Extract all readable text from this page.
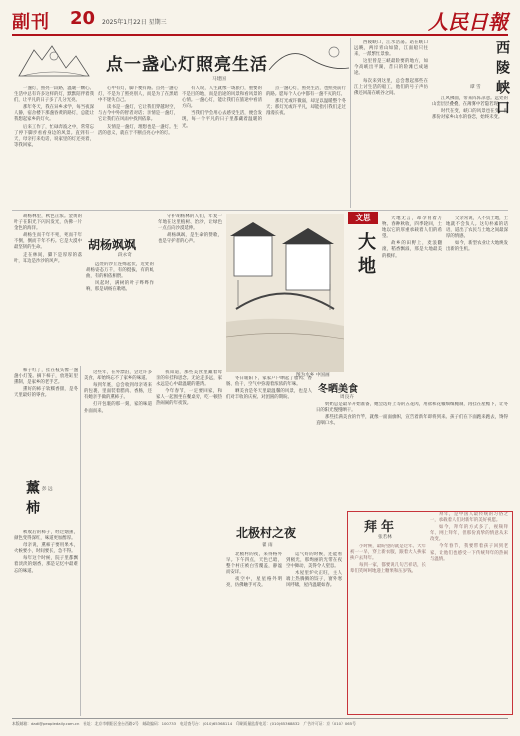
副刊 20 2025年1月22日 星期三	人民日報
点一盏心灯照亮生活
马建国

一盏灯，照亮一段路，温暖一颗心。生活中总有许多这样的灯，默默陪伴着我们，让平凡的日子多了几分光亮。

那年冬天，我在异乡求学，每当夜深人静，宿舍楼下那盏昏黄的路灯，总能让我想起家乡的灯火。

后来工作了，忙碌奔波之中，常常忘了停下脚步看看身边的风景。直到有一天，母亲打来电话，说家里的灯还亮着，等我回家。

心中有灯，脚下便有路。点亮一盏心灯，不是为了照亮别人，而是为了在黑暗中不迷失自己。

读书是一盏灯，它让我们穿越时空，与古今中外的智者对话；亲情是一盏灯，它让我们在风雨中找到依靠。

友情是一盏灯，理想也是一盏灯。生活的意义，就在于不断点亮心中的灯。

有人说，人生就像一场旅行，重要的不是目的地，而是沿途的风景和看风景的心情。一盏心灯，能让我们在旅途中看清方向。

当我们学会用心去感受生活，便会发现，每一个平凡的日子里都藏着温暖的光。

点一盏心灯，照亮生活，也照亮前行的路。愿每个人心中都有一盏不灭的灯。

那灯光或许微弱，却足以温暖整个冬天；那灯光或许平凡，却能指引我们走过漫漫长夜。

西陵峡口
谭 雪

西陵峡口，江水浩荡。站在峡口远眺，两岸青山如黛，江面船只往来，一派繁忙景象。

这里曾是三峡最险要的地方，如今高峡出平湖，昔日的险滩已成通途。

每次来到这里，总会想起那些在江上讨生活的船工，他们的号子声仿佛还回荡在峡谷之间。

江风拂面，带来阵阵凉意。远处的山峦层层叠叠，在薄雾中若隐若现。

时代在变，峡口的风景也在变，但那份对家乡山水的眷恋，始终未变。

文思
胡杨飒飒
段永奇

胡杨林里，秋色正浓。金黄的叶子在阳光下闪闪发光，仿佛一片金色的海洋。

胡杨生而千年不死，死而千年不倒，倒而千年不朽。它是大漠中最坚韧的生命。

走在林间，脚下是厚厚的落叶，耳边是沙沙的风声。

远处的沙丘连绵起伏，近处的胡杨姿态万千，有的挺拔，有的虬曲，有的相依相偎。

风起时，满树的叶子哗哗作响，那是胡杨在歌唱。

守护胡杨林的人们，年复一年地在这里植树、治沙，让绿色一点点向沙漠延伸。

胡杨飒飒，是生命的赞歌，也是守护者的心声。

图为水乡 中国画
大地

大地无言，却孕育着万物。春种秋收，四季轮回，土地以它的厚重承载着人们的希望。

故乡的田野上，麦浪翻滚，稻香飘溢，那是大地最美的模样。

父亲常说，人不负土地，土地就不会负人。这句朴素的话语，道出了农民与土地之间最深厚的情感。

如今，新型农业让大地焕发出新的生机。

冬晒美食
周良卉

冬日暖阳下，家家户户晒起了腊肉、香肠、鱼干，空气中弥漫着浓浓的年味。

晒美食是冬天里最温馨的风景，也是人们对丰收的庆祝、对团圆的期盼。

奶奶总是最早开始准备，她会选好上等的五花肉，用盐和花椒细细腌制，再挂在屋檐下，让冬日的阳光慢慢晒干。

那些挂满美食的竹竿，就像一面面旗帜，宣告着新年即将到来。孩子们在下面跑来跑去，馋得直咽口水。

柿子红了，挂在枝头像一盏盏小灯笼。摘下柿子，放进缸里熏制，是家乡的老手艺。

熏好的柿子软糯香甜，是冬天里最好的零食。

薰柿 彭 远

秋收后的柿子，经过烟熏，颜色变得深红，味道更加醇厚。

母亲说，熏柿子要用果木，火候要小，时间要长，急不得。

每年这个时候，院子里都飘着淡淡的烟香，那是记忆中最难忘的味道。

这些年，在外漂泊，尝过许多美食，却始终忘不了家乡的味道。

每到年底，总会收到母亲寄来的包裹，里面装着腊肉、香肠，还有她亲手做的熏柿子。

打开包裹的那一刻，家的味道扑面而来。

我知道，那些美食里藏着母亲的牵挂和思念。无论走多远，家永远是心中最温暖的港湾。

今年春节，一定要回家，和家人一起围坐在餐桌旁，吃一顿热热闹闹的年夜饭。

北极村之夜
翟 雨

北极村的夜，来得格外早。下午四点，天色已暗，整个村庄被白雪覆盖，静谧而安详。

夜空中，星星格外明亮，仿佛触手可及。

运气好的时候，还能看到极光，那绚丽的光带在夜空中舞动，美得令人窒息。

木屋里炉火正旺，主人端上热腾腾的饺子，窗外寒风呼啸，屋内温暖如春。

拜年
张若林

小时候，最盼望的就是过年。大年初一一早，穿上新衣服，跟着大人挨家挨户去拜年。

每到一家，都要说几句吉祥话，长辈们笑呵呵地递上糖果和压岁钱。

拜年，是中国人最传统的习俗之一，承载着人们对新年的美好祝愿。

如今，拜年的方式多了，视频拜年、网上拜年，但那份真挚的情意从未改变。

今年春节，我要带着孩子回到老家，让他们也感受一下传统拜年的热闹与温情。

本版邮箱：dadi@peopledaily.com.cn　社址：北京市朝阳区金台西路2号　邮政编码：100733　电话查号台：(010)65368114　印刷质量监督电话：(010)65368832　广告许可证：京（010）065号
